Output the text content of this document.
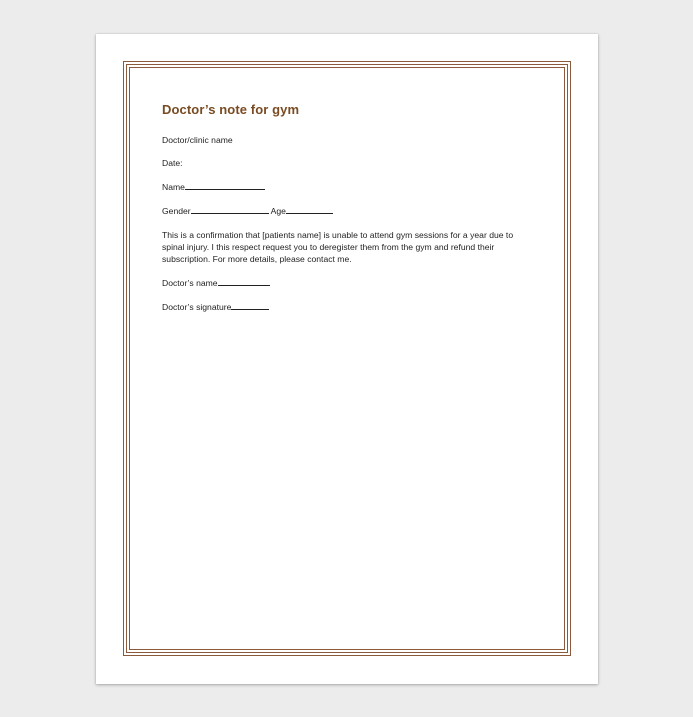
Doctor’s note for gym
Doctor/clinic name
Date:
Name
Gender	Age
This is a confirmation that [patients name] is unable to attend gym sessions for a year due to spinal injury. I this respect request you to deregister them from the gym and refund their subscription. For more details, please contact me.
Doctor’s name
Doctor’s signature
